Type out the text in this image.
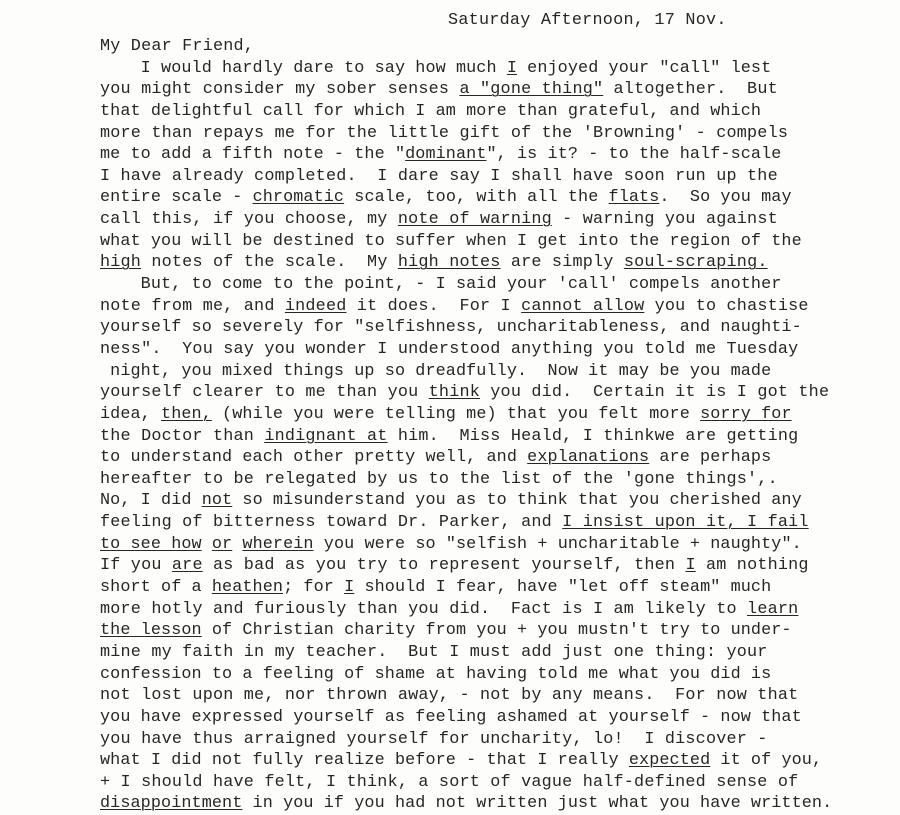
Saturday Afternoon, 17 Nov.
My Dear Friend,
I would hardly dare to say how much I enjoyed your "call" lest
you might consider my sober senses a "gone thing" altogether.  But
that delightful call for which I am more than grateful, and which
more than repays me for the little gift of the 'Browning' - compels
me to add a fifth note - the "dominant", is it? - to the half-scale
I have already completed.  I dare say I shall have soon run up the
entire scale - chromatic scale, too, with all the flats.  So you may
call this, if you choose, my note of warning - warning you against
what you will be destined to suffer when I get into the region of the
high notes of the scale.  My high notes are simply soul-scraping.
But, to come to the point, - I said your 'call' compels another
note from me, and indeed it does.  For I cannot allow you to chastise
yourself so severely for "selfishness, uncharitableness, and naughti-
ness".  You say you wonder I understood anything you told me Tuesday
night, you mixed things up so dreadfully.  Now it may be you made
yourself clearer to me than you think you did.  Certain it is I got the
idea, then, (while you were telling me) that you felt more sorry for
the Doctor than indignant at him.  Miss Heald, I thinkwe are getting
to understand each other pretty well, and explanations are perhaps
hereafter to be relegated by us to the list of the 'gone things',.
No, I did not so misunderstand you as to think that you cherished any
feeling of bitterness toward Dr. Parker, and I insist upon it, I fail
to see how or wherein you were so "selfish + uncharitable + naughty".
If you are as bad as you try to represent yourself, then I am nothing
short of a heathen; for I should I fear, have "let off steam" much
more hotly and furiously than you did.  Fact is I am likely to learn
the lesson of Christian charity from you + you mustn't try to under-
mine my faith in my teacher.  But I must add just one thing: your
confession to a feeling of shame at having told me what you did is
not lost upon me, nor thrown away, - not by any means.  For now that
you have expressed yourself as feeling ashamed at yourself - now that
you have thus arraigned yourself for uncharity, lo!  I discover -
what I did not fully realize before - that I really expected it of you,
+ I should have felt, I think, a sort of vague half-defined sense of
disappointment in you if you had not written just what you have written.
